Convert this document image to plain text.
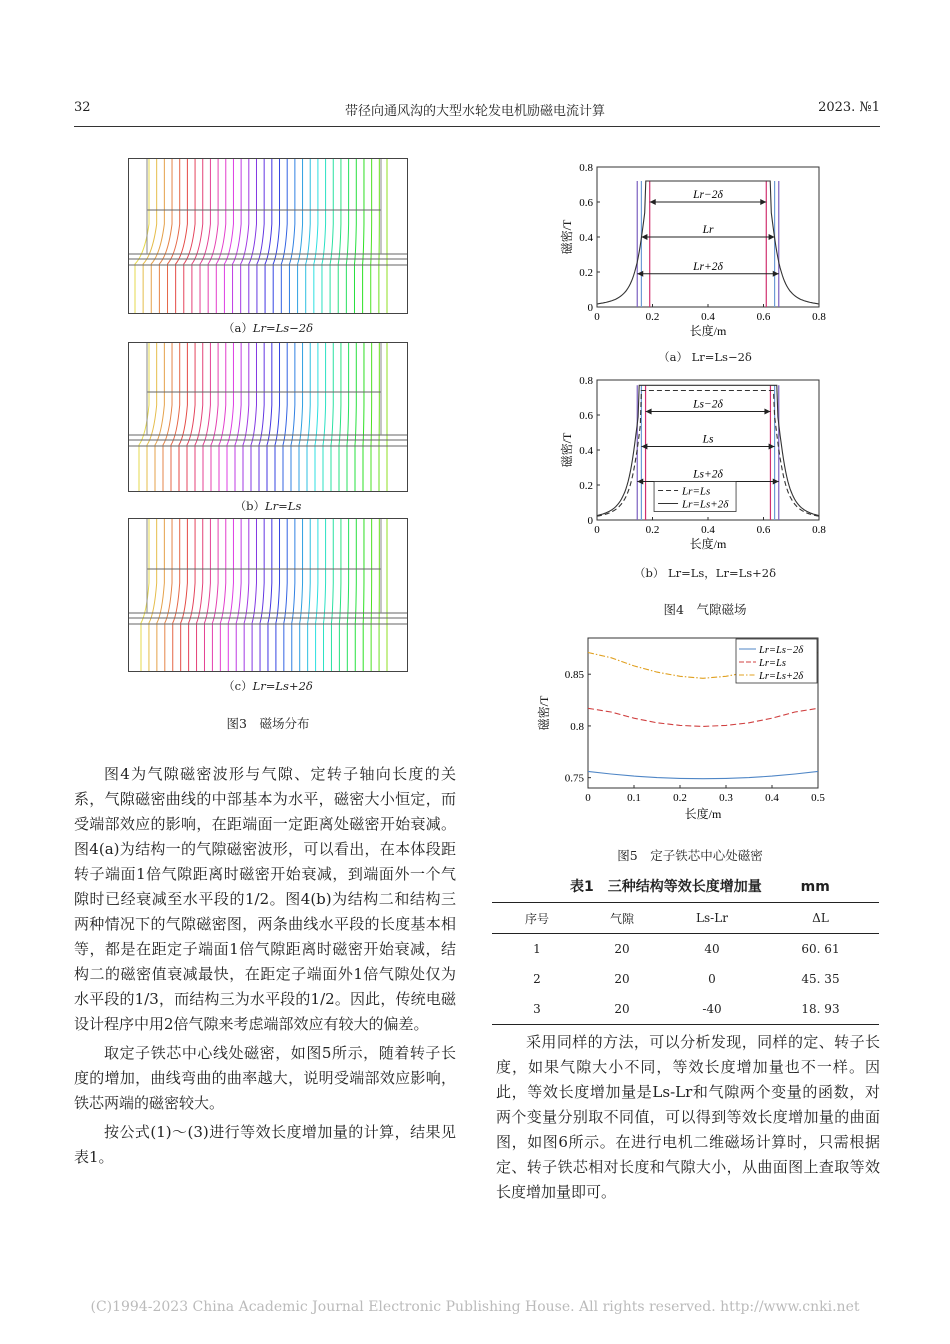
32	带径向通风沟的大型水轮发电机励磁电流计算	2023. №1
（a）Lr=Ls−2δ
（b）Lr=Ls
（c）Lr=Ls+2δ
图3　磁场分布

图4为气隙磁密波形与气隙、定转子轴向长度的关系，气隙磁密曲线的中部基本为水平，磁密大小恒定，而受端部效应的影响，在距端面一定距离处磁密开始衰减。图4(a)为结构一的气隙磁密波形，可以看出，在本体段距转子端面1倍气隙距离时磁密开始衰减，到端面外一个气隙时已经衰减至水平段的1/2。图4(b)为结构二和结构三两种情况下的气隙磁密图，两条曲线水平段的长度基本相等，都是在距定子端面1倍气隙距离时磁密开始衰减，结构二的磁密值衰减最快，在距定子端面外1倍气隙处仅为水平段的1/3，而结构三为水平段的1/2。因此，传统电磁设计程序中用2倍气隙来考虑端部效应有较大的偏差。

取定子铁芯中心线处磁密，如图5所示，随着转子长度的增加，曲线弯曲的曲率越大，说明受端部效应影响，铁芯两端的磁密较大。

按公式(1)～(3)进行等效长度增加量的计算，结果见表1。

0	0.2	0.4	0.6	0.8
0
0.2
0.4
0.6
0.8
长度/m
磁密/T
Lr−2δ
Lr
Lr+2δ
（a） Lr=Ls−2δ
0	0.2	0.4	0.6	0.8
0
0.2
0.4
0.6
0.8
长度/m
磁密/T
Ls−2δ
Ls
Ls+2δ
Lr=Ls
Lr=Ls+2δ
（b） Lr=Ls，Lr=Ls+2δ
图4　气隙磁场
0	0.1	0.2	0.3	0.4	0.5
0.75
0.8
0.85
长度/m
磁密/T
Lr=Ls−2δ
Lr=Ls
Lr=Ls+2δ
图5　定子铁芯中心处磁密
表1　三种结构等效长度增加量	mm
序号	气隙	Ls-Lr	ΔL
1	20	40	60. 61
2	20	0	45. 35
3	20	-40	18. 93

采用同样的方法，可以分析发现，同样的定、转子长度，如果气隙大小不同，等效长度增加量也不一样。因此，等效长度增加量是Ls-Lr和气隙两个变量的函数，对两个变量分别取不同值，可以得到等效长度增加量的曲面图，如图6所示。在进行电机二维磁场计算时，只需根据定、转子铁芯相对长度和气隙大小，从曲面图上查取等效长度增加量即可。

(C)1994-2023 China Academic Journal Electronic Publishing House. All rights reserved. http://www.cnki.net
